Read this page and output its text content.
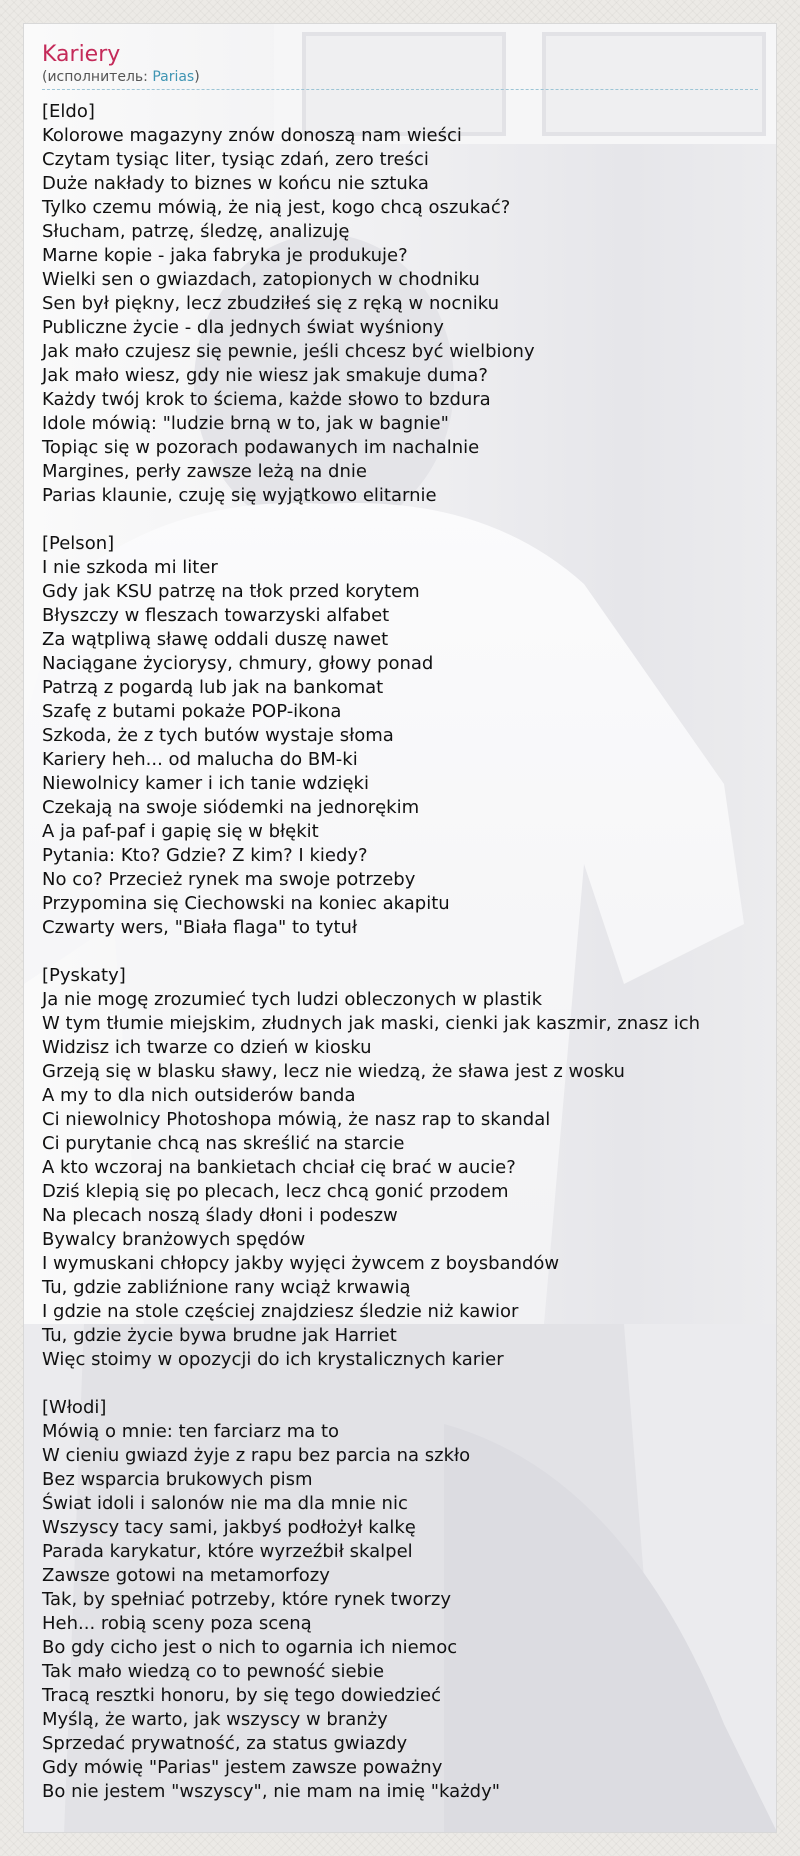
Kariery
(исполнитель: Parias)
[Eldo]
Kolorowe magazyny znów donoszą nam wieści
Czytam tysiąc liter, tysiąc zdań, zero treści
Duże nakłady to biznes w końcu nie sztuka
Tylko czemu mówią, że nią jest, kogo chcą oszukać?
Słucham, patrzę, śledzę, analizuję
Marne kopie - jaka fabryka je produkuje?
Wielki sen o gwiazdach, zatopionych w chodniku
Sen był piękny, lecz zbudziłeś się z ręką w nocniku
Publiczne życie - dla jednych świat wyśniony
Jak mało czujesz się pewnie, jeśli chcesz być wielbiony
Jak mało wiesz, gdy nie wiesz jak smakuje duma?
Każdy twój krok to ściema, każde słowo to bzdura
Idole mówią: "ludzie brną w to, jak w bagnie"
Topiąc się w pozorach podawanych im nachalnie
Margines, perły zawsze leżą na dnie
Parias klaunie, czuję się wyjątkowo elitarnie
[Pelson]
I nie szkoda mi liter
Gdy jak KSU patrzę na tłok przed korytem
Błyszczy w fleszach towarzyski alfabet
Za wątpliwą sławę oddali duszę nawet
Naciągane życiorysy, chmury, głowy ponad
Patrzą z pogardą lub jak na bankomat
Szafę z butami pokaże POP-ikona
Szkoda, że z tych butów wystaje słoma
Kariery heh... od malucha do BM-ki
Niewolnicy kamer i ich tanie wdzięki
Czekają na swoje siódemki na jednorękim
A ja paf-paf i gapię się w błękit
Pytania: Kto? Gdzie? Z kim? I kiedy?
No co? Przecież rynek ma swoje potrzeby
Przypomina się Ciechowski na koniec akapitu
Czwarty wers, "Biała flaga" to tytuł
[Pyskaty]
Ja nie mogę zrozumieć tych ludzi obleczonych w plastik
W tym tłumie miejskim, złudnych jak maski, cienki jak kaszmir, znasz ich
Widzisz ich twarze co dzień w kiosku
Grzeją się w blasku sławy, lecz nie wiedzą, że sława jest z wosku
A my to dla nich outsiderów banda
Ci niewolnicy Photoshopa mówią, że nasz rap to skandal
Ci purytanie chcą nas skreślić na starcie
A kto wczoraj na bankietach chciał cię brać w aucie?
Dziś klepią się po plecach, lecz chcą gonić przodem
Na plecach noszą ślady dłoni i podeszw
Bywalcy branżowych spędów
I wymuskani chłopcy jakby wyjęci żywcem z boysbandów
Tu, gdzie zabliźnione rany wciąż krwawią
I gdzie na stole częściej znajdziesz śledzie niż kawior
Tu, gdzie życie bywa brudne jak Harriet
Więc stoimy w opozycji do ich krystalicznych karier
[Włodi]
Mówią o mnie: ten farciarz ma to
W cieniu gwiazd żyje z rapu bez parcia na szkło
Bez wsparcia brukowych pism
Świat idoli i salonów nie ma dla mnie nic
Wszyscy tacy sami, jakbyś podłożył kalkę
Parada karykatur, które wyrzeźbił skalpel
Zawsze gotowi na metamorfozy
Tak, by spełniać potrzeby, które rynek tworzy
Heh... robią sceny poza sceną
Bo gdy cicho jest o nich to ogarnia ich niemoc
Tak mało wiedzą co to pewność siebie
Tracą resztki honoru, by się tego dowiedzieć
Myślą, że warto, jak wszyscy w branży
Sprzedać prywatność, za status gwiazdy
Gdy mówię "Parias" jestem zawsze poważny
Bo nie jestem "wszyscy", nie mam na imię "każdy"
